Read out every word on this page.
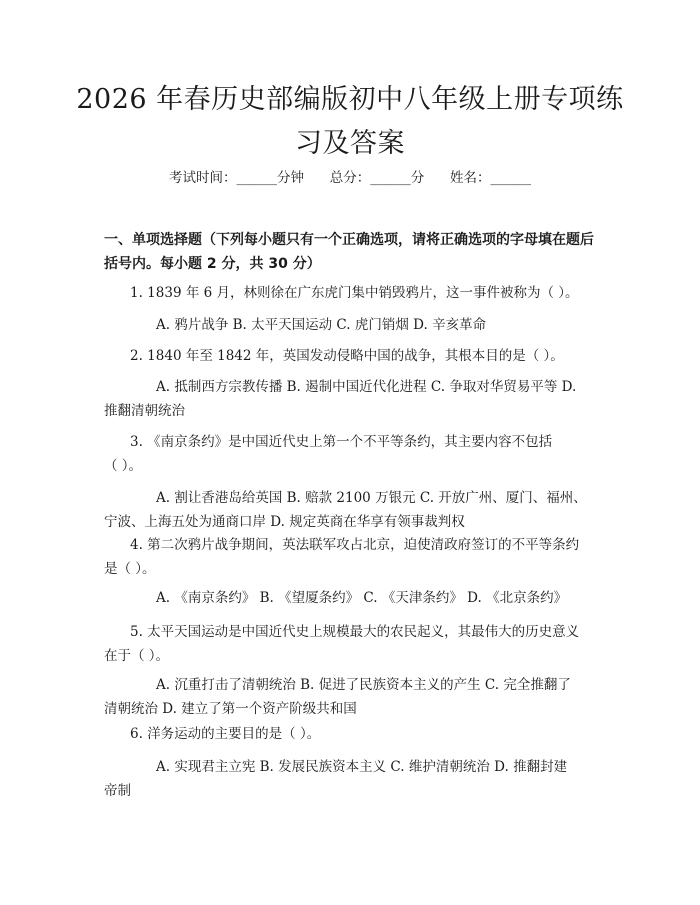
2026 年春历史部编版初中八年级上册专项练
习及答案
考试时间：______分钟      总分：______分      姓名：______
一、单项选择题（下列每小题只有一个正确选项，请将正确选项的字母填在题后
括号内。每小题 2 分，共 30 分）
1. 1839 年 6 月，林则徐在广东虎门集中销毁鸦片，这一事件被称为（ ）。
A. 鸦片战争 B. 太平天国运动 C. 虎门销烟 D. 辛亥革命
2. 1840 年至 1842 年，英国发动侵略中国的战争，其根本目的是（ ）。
A. 抵制西方宗教传播 B. 遏制中国近代化进程 C. 争取对华贸易平等 D.
推翻清朝统治
3. 《南京条约》是中国近代史上第一个不平等条约，其主要内容不包括
（ ）。
A. 割让香港岛给英国 B. 赔款 2100 万银元 C. 开放广州、厦门、福州、
宁波、上海五处为通商口岸 D. 规定英商在华享有领事裁判权
4. 第二次鸦片战争期间，英法联军攻占北京，迫使清政府签订的不平等条约
是（ ）。
A. 《南京条约》 B. 《望厦条约》 C. 《天津条约》 D. 《北京条约》
5. 太平天国运动是中国近代史上规模最大的农民起义，其最伟大的历史意义
在于（ ）。
A. 沉重打击了清朝统治 B. 促进了民族资本主义的产生 C. 完全推翻了
清朝统治 D. 建立了第一个资产阶级共和国
6. 洋务运动的主要目的是（ ）。
A. 实现君主立宪 B. 发展民族资本主义 C. 维护清朝统治 D. 推翻封建
帝制
